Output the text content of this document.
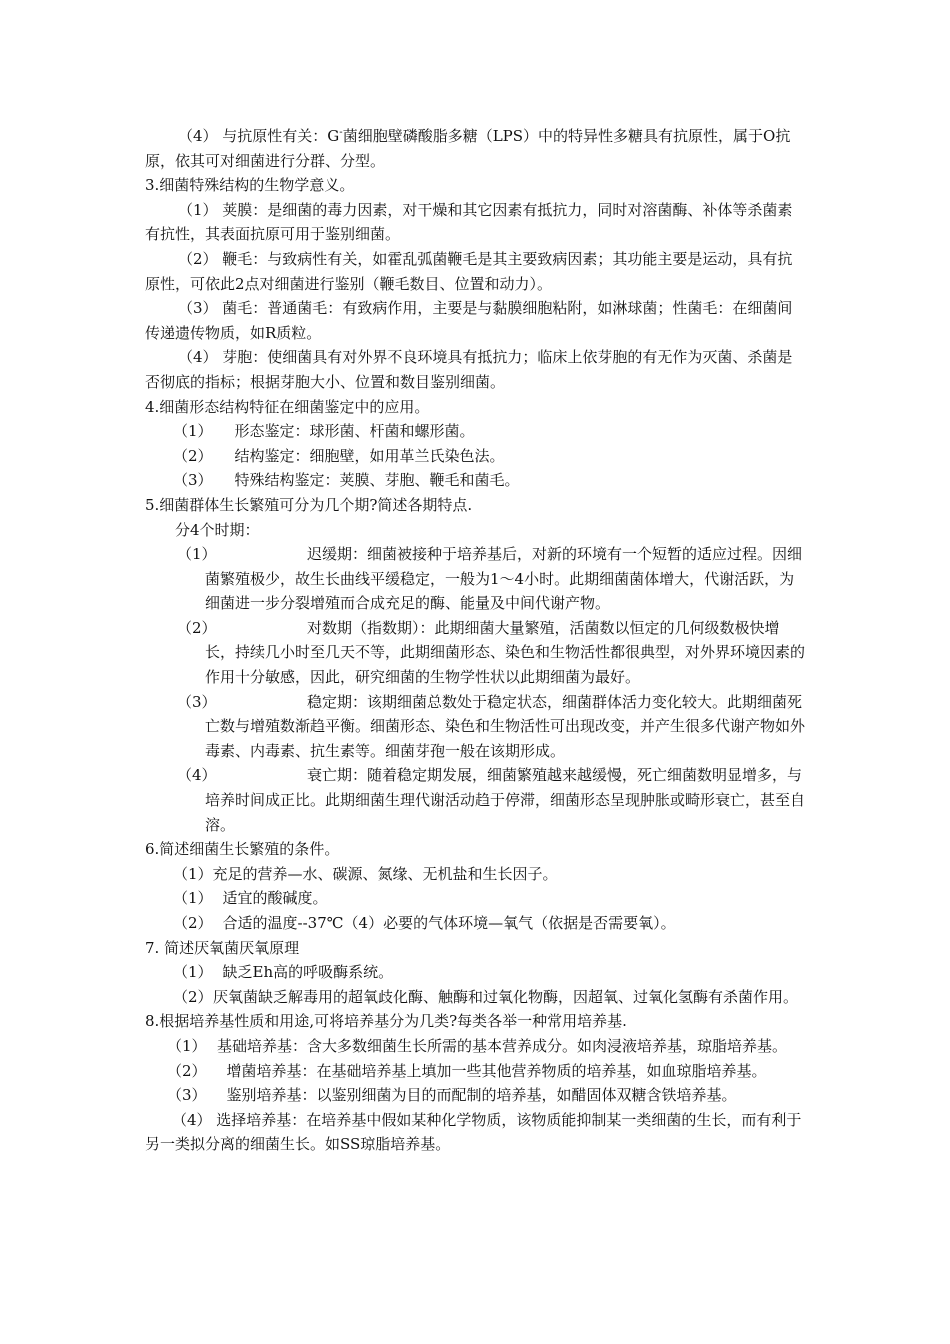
（4） 与抗原性有关：G-菌细胞壁磷酸脂多糖（LPS）中的特异性多糖具有抗原性，属于O抗原，依其可对细菌进行分群、分型。

3.细菌特殊结构的生物学意义。

（1） 荚膜：是细菌的毒力因素，对干燥和其它因素有抵抗力，同时对溶菌酶、补体等杀菌素有抗性，其表面抗原可用于鉴别细菌。

（2） 鞭毛：与致病性有关，如霍乱弧菌鞭毛是其主要致病因素；其功能主要是运动，具有抗原性，可依此2点对细菌进行鉴别（鞭毛数目、位置和动力）。

（3） 菌毛：普通菌毛：有致病作用，主要是与黏膜细胞粘附，如淋球菌；性菌毛：在细菌间传递遗传物质，如R质粒。

（4） 芽胞：使细菌具有对外界不良环境具有抵抗力；临床上依芽胞的有无作为灭菌、杀菌是否彻底的指标；根据芽胞大小、位置和数目鉴别细菌。

4.细菌形态结构特征在细菌鉴定中的应用。

（1） 形态鉴定：球形菌、杆菌和螺形菌。
（2） 结构鉴定：细胞壁，如用革兰氏染色法。
（3） 特殊结构鉴定：荚膜、芽胞、鞭毛和菌毛。

5.细菌群体生长繁殖可分为几个期?简述各期特点.

分4个时期：

（1）	迟缓期：细菌被接种于培养基后，对新的环境有一个短暂的适应过程。因细菌繁殖极少，故生长曲线平缓稳定，一般为1～4小时。此期细菌菌体增大，代谢活跃，为细菌进一步分裂增殖而合成充足的酶、能量及中间代谢产物。
（2）	对数期（指数期）：此期细菌大量繁殖，活菌数以恒定的几何级数极快增长，持续几小时至几天不等，此期细菌形态、染色和生物活性都很典型，对外界环境因素的作用十分敏感，因此，研究细菌的生物学性状以此期细菌为最好。
（3）	稳定期：该期细菌总数处于稳定状态，细菌群体活力变化较大。此期细菌死亡数与增殖数渐趋平衡。细菌形态、染色和生物活性可出现改变，并产生很多代谢产物如外毒素、内毒素、抗生素等。细菌芽孢一般在该期形成。
（4）	衰亡期：随着稳定期发展，细菌繁殖越来越缓慢，死亡细菌数明显增多，与培养时间成正比。此期细菌生理代谢活动趋于停滞，细菌形态呈现肿胀或畸形衰亡，甚至自溶。

6.简述细菌生长繁殖的条件。

（1）充足的营养—水、碳源、氮缘、无机盐和生长因子。

（1） 适宜的酸碱度。
（2） 合适的温度--37℃（4）必要的气体环境—氧气（依据是否需要氧）。

7. 简述厌氧菌厌氧原理

（1） 缺乏Eh高的呼吸酶系统。
（2） 厌氧菌缺乏解毒用的超氧歧化酶、触酶和过氧化物酶，因超氧、过氧化氢酶有杀菌作用。

8.根据培养基性质和用途,可将培养基分为几类?每类各举一种常用培养基.

（1） 基础培养基：含大多数细菌生长所需的基本营养成分。如肉浸液培养基，琼脂培养基。
（2） 增菌培养基：在基础培养基上填加一些其他营养物质的培养基，如血琼脂培养基。
（3） 鉴别培养基：以鉴别细菌为目的而配制的培养基，如醋固体双糖含铁培养基。

（4） 选择培养基：在培养基中假如某种化学物质，该物质能抑制某一类细菌的生长，而有利于另一类拟分离的细菌生长。如SS琼脂培养基。
